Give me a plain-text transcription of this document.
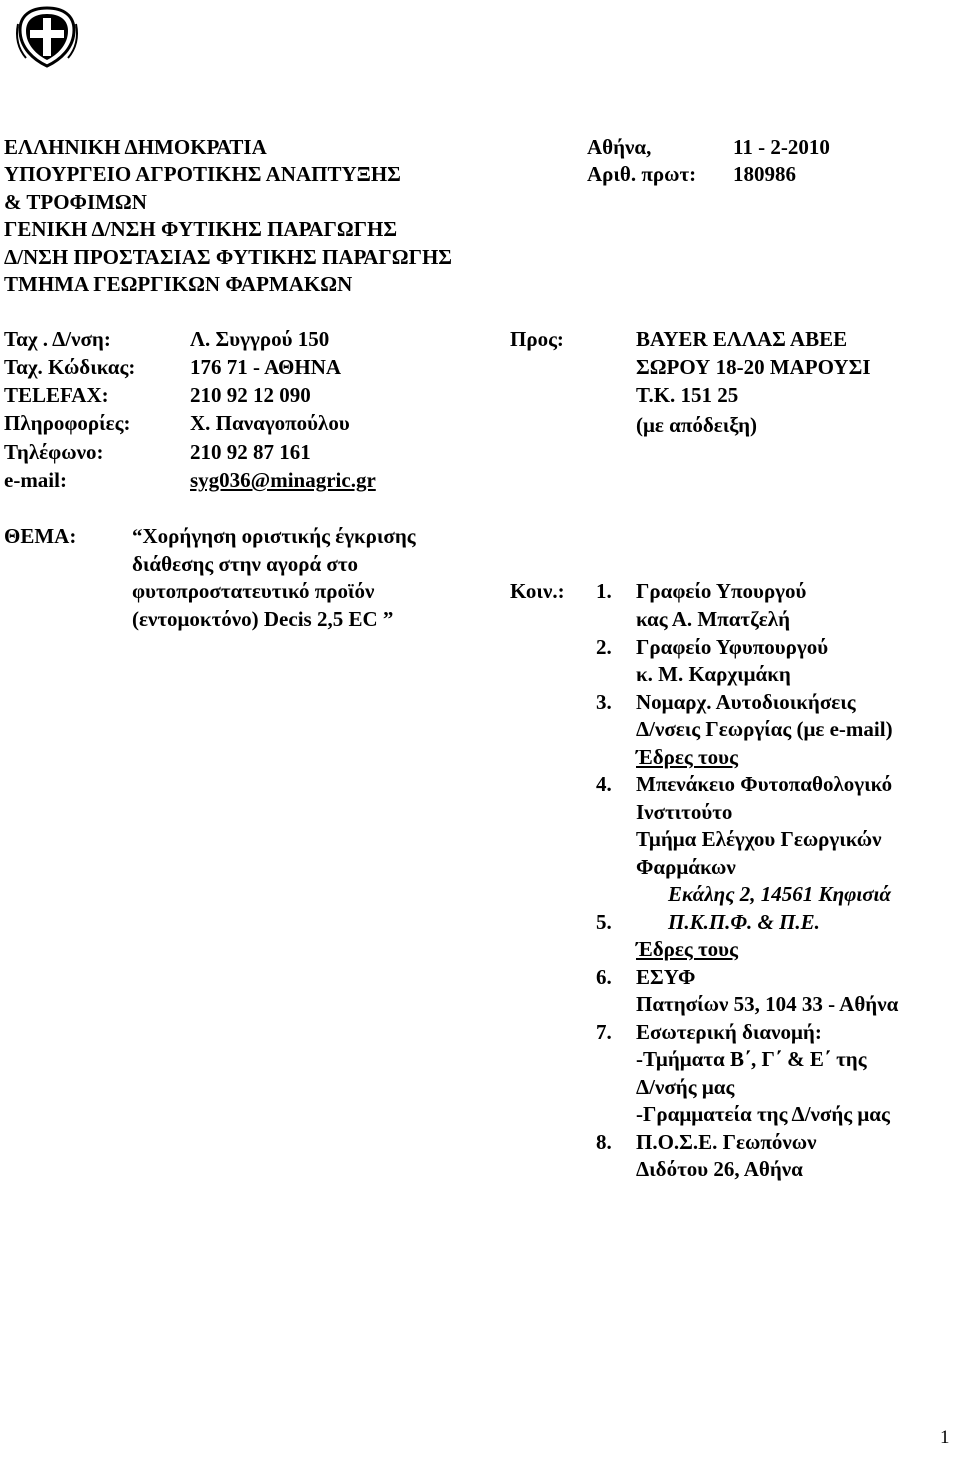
ΕΛΛΗΝΙΚΗ ΔΗΜΟΚΡΑΤΙΑ
ΥΠΟΥΡΓΕΙΟ ΑΓΡΟΤΙΚΗΣ ΑΝΑΠΤΥΞΗΣ
& ΤΡΟΦΙΜΩΝ
ΓΕΝΙΚΗ Δ/ΝΣΗ ΦΥΤΙΚΗΣ ΠΑΡΑΓΩΓΗΣ
Δ/ΝΣΗ ΠΡΟΣΤΑΣΙΑΣ ΦΥΤΙΚΗΣ ΠΑΡΑΓΩΓΗΣ
ΤΜΗΜΑ ΓΕΩΡΓΙΚΩΝ ΦΑΡΜΑΚΩΝ
Αθήνα,	11 - 2-2010
Αριθ. πρωτ: 180986
Ταχ . Δ/νση:	Λ. Συγγρού 150
Ταχ. Κώδικας:	176 71 - ΑΘΗΝΑ
TELEFAX:	210 92 12 090
Πληροφορίες:	Χ. Παναγοπούλου
Τηλέφωνο:	210 92 87 161
e-mail:	syg036@minagric.gr
Προς:	BAYER ΕΛΛΑΣ ΑΒΕΕ
ΣΩΡΟΥ 18-20 ΜΑΡΟΥΣΙ
Τ.Κ. 151 25
(με απόδειξη)
ΘΕΜΑ:	“Χορήγηση οριστικής έγκρισης
διάθεσης στην αγορά στο
φυτοπροστατευτικό προϊόν
(εντομοκτόνο) Decis 2,5 EC ”
Κοιν.: 1. Γραφείο Υπουργού
κας Α. Μπατζελή
2. Γραφείο Υφυπουργού
κ. Μ. Καρχιμάκη
3. Νομαρχ. Αυτοδιοικήσεις
Δ/νσεις Γεωργίας (με e-mail)
Έδρες τους
4. Μπενάκειο Φυτοπαθολογικό
Ινστιτούτο
Τμήμα Ελέγχου Γεωργικών
Φαρμάκων
Εκάλης 2, 14561 Κηφισιά
5.	Π.Κ.Π.Φ. & Π.Ε.
Έδρες τους
6. ΕΣΥΦ
Πατησίων 53, 104 33 - Αθήνα
7. Εσωτερική διανομή:
-Τμήματα Β΄, Γ΄ & Ε΄ της
Δ/νσής μας
-Γραμματεία της Δ/νσής μας
8. Π.Ο.Σ.Ε. Γεωπόνων
Διδότου 26, Αθήνα
1
